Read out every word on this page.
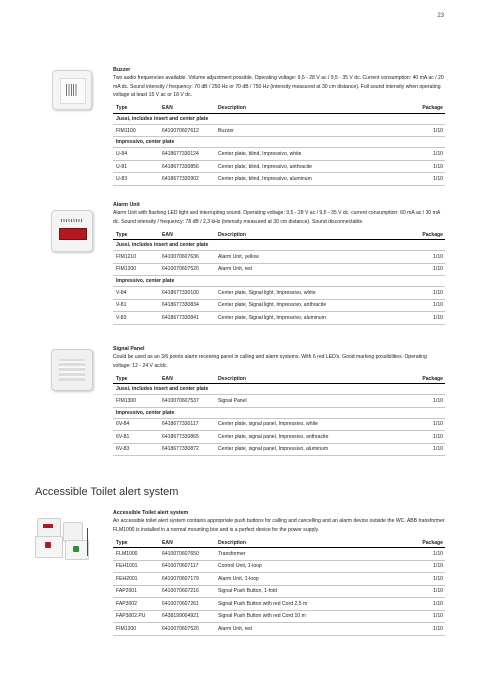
23

Buzzer

Two audio frequencies available. Volume adjustment possible. Operating voltage: 9,5 - 28 V ac / 9,5 - 35 V dc. Current consumption: 40 mA ac / 20 mA dc. Sound intensity / frequency: 70 dB / 250 Hz or 70 dB / 750 Hz (intensity measured at 30 cm distance). Full sound intensity when operating voltage at least 15 V ac or 18 V dc.

Type	EAN	Description	Package
Jussi, includes insert and center plate			
FIM1100	6410070607612	Buzzer	1/10
Impressivo, center plate			
U-84	6418677330124	Center plate, blind, Impressivo, white	1/10
U-81	6418677330856	Center plate, blind, Impressivo, anthracite	1/10
U-83	6418677330902	Center plate, blind, Impressivo, aluminum	1/10

Alarm Unit

Alarm Unit with flashing LED light and interrupting sound. Operating voltage: 9,5 - 28 V ac / 9,5 - 35 V dc. current consumption: 60 mA ac / 30 mA dc. Sound intensity / frequency: 78 dB / 2,3 kHz (intensity measured at 30 cm distance). Sound disconnectable.

Type	EAN	Description	Package
Jussi, includes insert and center plate			
FIM1210	6410070607636	Alarm Unit, yellow	1/10
FIM1200	6410070607520	Alarm Unit, red	1/10
Impressivo, center plate			
V-84	6418677330100	Center plate, Signal light, Impressivo, white	1/10
V-81	6418677330834	Center plate, Signal light, Impressivo, anthracite	1/10
V-83	6418677330841	Center plate, Signal light, Impressivo, aluminum	1/10

Signal Panel

Could be used as an 3/6 points alarm receiving panel in calling and alarm systems. With 6 red LED's. Good marking possibilities. Operating voltage: 12 - 24 V ac/dc.

Type	EAN	Description	Package
Jussi, includes insert and center plate			
FIM1300	6410070607537	Signal Panel	1/10
Impressivo, center plate			
6V-84	6418677330117	Center plate, signal panel, Impressivo, white	1/10
6V-81	6418677330865	Center plate, signal panel, Impressivo, anthracite	1/10
6V-83	6418677330872	Center plate, signal panel, Impressivo, aluminum	1/10
Accessible Toilet alert system

Accessible Toilet alert system

An accessible toilet alert system contains appropriate push buttons for calling and cancelling and an alarm device outside the WC. ABB transformer FLM1000 is installed in a normal mounting box and is a perfect device for the power supply.

Type	EAN	Description	Package
FLM1000	6410070607650	Transformer	1/10
FEH1001	6410070607117	Control Unit, 1-loop	1/10
FEH2001	6410070607179	Alarm Unit, 1-loop	1/10
FAP2001	6410070607216	Signal Push Button, 1-fold	1/10
FAP3002	6410070607261	Signal Push Button with red Cord 2,5 m	1/10
FAP3002.PU	6438199004921	Signal Push Button with red Cord 10 m	1/10
FIM1200	6410070607520	Alarm Unit, red	1/10
